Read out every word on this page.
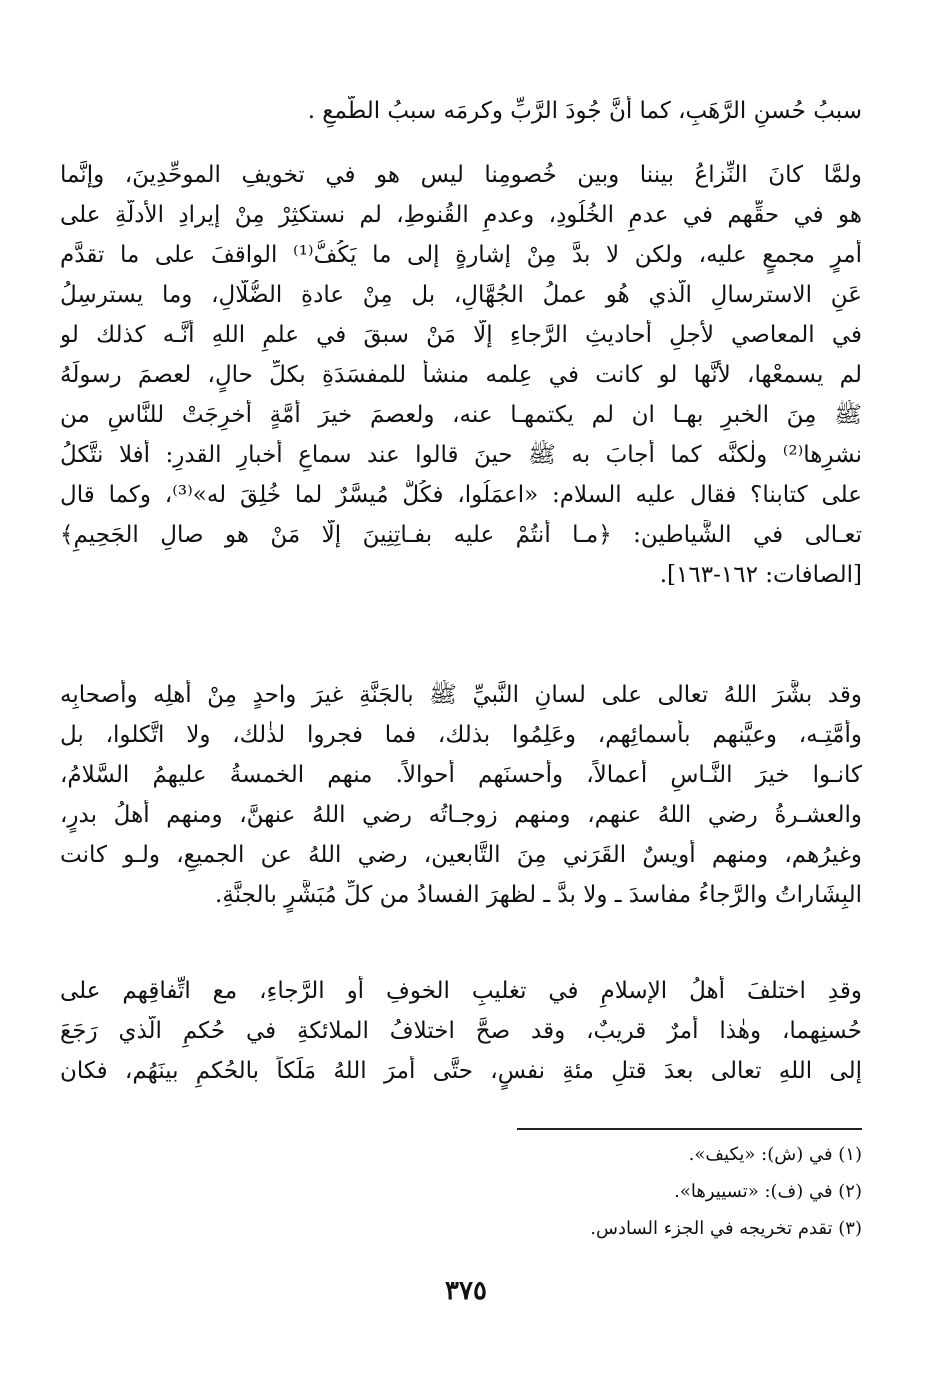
سببُ حُسنِ الرَّهَبِ، كما أنَّ جُودَ الرَّبِّ وكرمَه سببُ الطَّمعِ .
ولمَّا كانَ النِّزاعُ بيننا وبين خُصومِنا ليس هو في تخويفِ الموحِّدِينَ، وإنَّما
هو في حقِّهم في عدمِ الخُلُودِ، وعدمِ القُنوطِ، لم نستكثِرْ مِنْ إيرادِ الأدلَّةِ على
أمرٍ مجمعٍ عليه، ولكن لا بدَّ مِنْ إشارةٍ إلى ما يَكُفُّ⁽¹⁾ الواقفَ على ما تقدَّم
عَنِ الاسترسالِ الَّذي هُو عملُ الجُهَّالِ، بل مِنْ عادةِ الضُّلَّالِ، وما يسترسِلُ
في المعاصي لأجلِ أحاديثِ الرَّجاءِ إلَّا مَنْ سبقَ في علمِ اللهِ أنَّـه كذلك لو
لم يسمعْها، لأنَّها لو كانت في عِلمه منشأً للمفسَدَةِ بكلِّ حالٍ، لعصمَ رسولَهُ
ﷺ مِنَ الخبرِ بهـا ان لم يكتمهـا عنه، ولعصمَ خيرَ أمَّةٍ أُخرِجَتْ للنَّاسِ من
نشرِها⁽²⁾ ولٰكنَّه كما أجابَ به ﷺ حينَ قالوا عند سماعِ أخبارِ القدرِ: أفلا نتَّكلُ
على كتابنا؟ فقال عليه السلام: «اعمَلُوا، فكُلٌّ مُيسَّرٌ لما خُلِقَ له»⁽³⁾، وكما قال
تعـالى في الشَّياطين: ﴿مـا أنتُمْ عليه بفـاتِنِينَ إلَّا مَنْ هو صالِ الجَحِيمِ﴾
[الصافات: ١٦٢-١٦٣].
وقد بشَّرَ اللهُ تعالى على لسانِ النَّبيِّ ﷺ بالجَنَّةِ غيرَ واحدٍ مِنْ أهلِه وأصحابِه
وأُمَّتِـه، وعيَّنهم بأسمائِهم، وعَلِمُوا بذلك، فما فجروا لذٰلك، ولا اتَّكلوا، بل
كانـوا خيرَ النَّـاسِ أعمالاً، وأحسنَهم أحوالاً. منهم الخمسةُ عليهمُ السَّلامُ،
والعشـرةُ رضي اللهُ عنهم، ومنهم زوجـاتُه رضي اللهُ عنهنَّ، ومنهم أهلُ بدرٍ،
وغيرُهم، ومنهم أُويسٌ القَرَني مِنَ التَّابعين، رضي اللهُ عن الجميعِ، ولـو كانت
البِشَاراتُ والرَّجاءُ مفاسدَ ـ ولا بدَّ ـ لظهرَ الفسادُ من كلِّ مُبَشَّرٍ بالجنَّةِ.
وقدِ اختلفَ أهلُ الإسلامِ في تغليبِ الخوفِ أو الرَّجاءِ، مع اتِّفاقِهم على
حُسنِهما، وهٰذا أمرٌ قريبٌ، وقد صحَّ اختلافُ الملائكةِ في حُكمِ الَّذي رَجَعَ
إلى اللهِ تعالى بعدَ قتلِ مئةِ نفسٍ، حتَّى أمرَ اللهُ مَلَكاً بالحُكمِ بينَهُم، فكان
(١) في (ش): «يكيف».
(٢) في (ف): «تسييرها».
(٣) تقدم تخريجه في الجزء السادس.
٣٧٥
